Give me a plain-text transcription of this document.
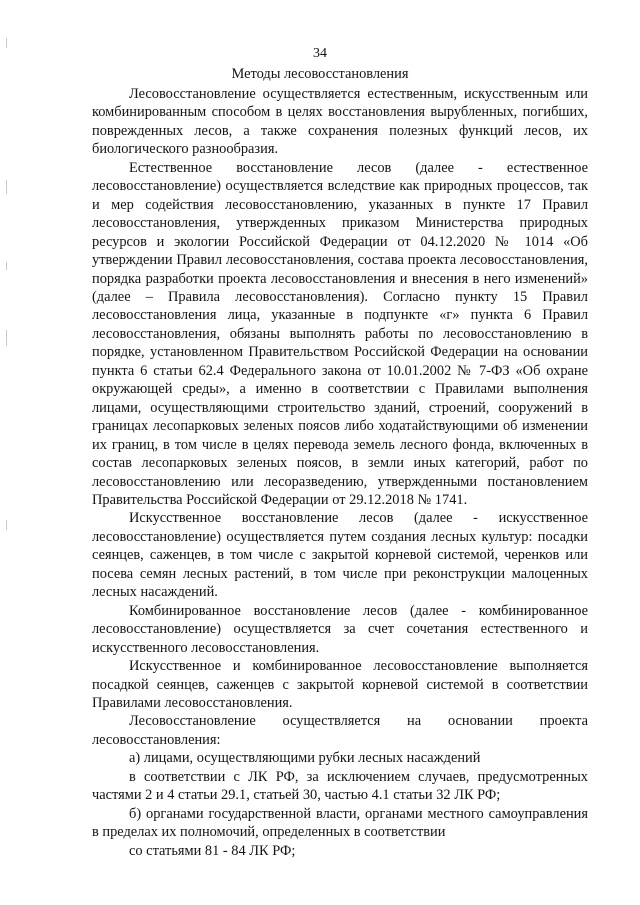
34
Методы лесовосстановления

Лесовосстановление осуществляется естественным, искусственным или комбинированным способом в целях восстановления вырубленных, погибших, поврежденных лесов, а также сохранения полезных функций лесов, их биологического разнообразия.

Естественное восстановление лесов (далее - естественное лесовосстановление) осуществляется вследствие как природных процессов, так и мер содействия лесовосстановлению, указанных в пункте 17 Правил лесовосстановления, утвержденных приказом Министерства природных ресурсов и экологии Российской Федерации от 04.12.2020 № 1014 «Об утверждении Правил лесовосстановления, состава проекта лесовосстановления, порядка разработки проекта лесовосстановления и внесения в него изменений» (далее – Правила лесовосстановления). Согласно пункту 15 Правил лесовосстановления лица, указанные в подпункте «г» пункта 6 Правил лесовосстановления, обязаны выполнять работы по лесовосстановлению в порядке, установленном Правительством Российской Федерации на основании пункта 6 статьи 62.4 Федерального закона от 10.01.2002 № 7-ФЗ «Об охране окружающей среды», а именно в соответствии с Правилами выполнения лицами, осуществляющими строительство зданий, строений, сооружений в границах лесопарковых зеленых поясов либо ходатайствующими об изменении их границ, в том числе в целях перевода земель лесного фонда, включенных в состав лесопарковых зеленых поясов, в земли иных категорий, работ по лесовосстановлению или лесоразведению, утвержденными постановлением Правительства Российской Федерации от 29.12.2018 № 1741.

Искусственное восстановление лесов (далее - искусственное лесовосстановление) осуществляется путем создания лесных культур: посадки сеянцев, саженцев, в том числе с закрытой корневой системой, черенков или посева семян лесных растений, в том числе при реконструкции малоценных лесных насаждений.

Комбинированное восстановление лесов (далее - комбинированное лесовосстановление) осуществляется за счет сочетания естественного и искусственного лесовосстановления.

Искусственное и комбинированное лесовосстановление выполняется посадкой сеянцев, саженцев с закрытой корневой системой в соответствии Правилами лесовосстановления.

Лесовосстановление осуществляется на основании проекта лесовосстановления:

а) лицами, осуществляющими рубки лесных насаждений

в соответствии с ЛК РФ, за исключением случаев, предусмотренных частями 2 и 4 статьи 29.1, статьей 30, частью 4.1 статьи 32 ЛК РФ;

б) органами государственной власти, органами местного самоуправления в пределах их полномочий, определенных в соответствии

со статьями 81 - 84 ЛК РФ;
